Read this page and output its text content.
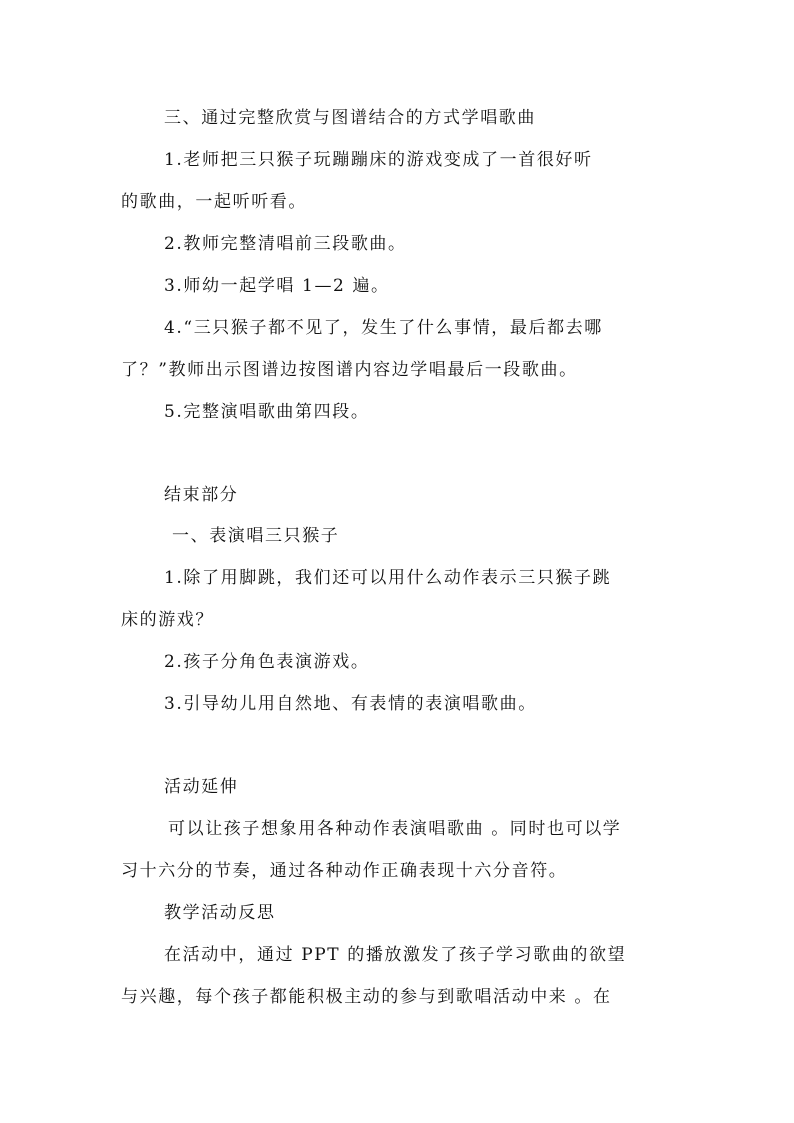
三、通过完整欣赏与图谱结合的方式学唱歌曲
1.老师把三只猴子玩蹦蹦床的游戏变成了一首很好听
的歌曲，一起听听看。
2.教师完整清唱前三段歌曲。
3.师幼一起学唱 1—2 遍。
4.“三只猴子都不见了，发生了什么事情，最后都去哪
了？”教师出示图谱边按图谱内容边学唱最后一段歌曲。
5.完整演唱歌曲第四段。
结束部分
一、表演唱三只猴子
1.除了用脚跳，我们还可以用什么动作表示三只猴子跳
床的游戏？
2.孩子分角色表演游戏。
3.引导幼儿用自然地、有表情的表演唱歌曲。
活动延伸
可以让孩子想象用各种动作表演唱歌曲 。同时也可以学
习十六分的节奏，通过各种动作正确表现十六分音符。
教学活动反思
在活动中，通过 PPT 的播放激发了孩子学习歌曲的欲望
与兴趣，每个孩子都能积极主动的参与到歌唱活动中来 。在
